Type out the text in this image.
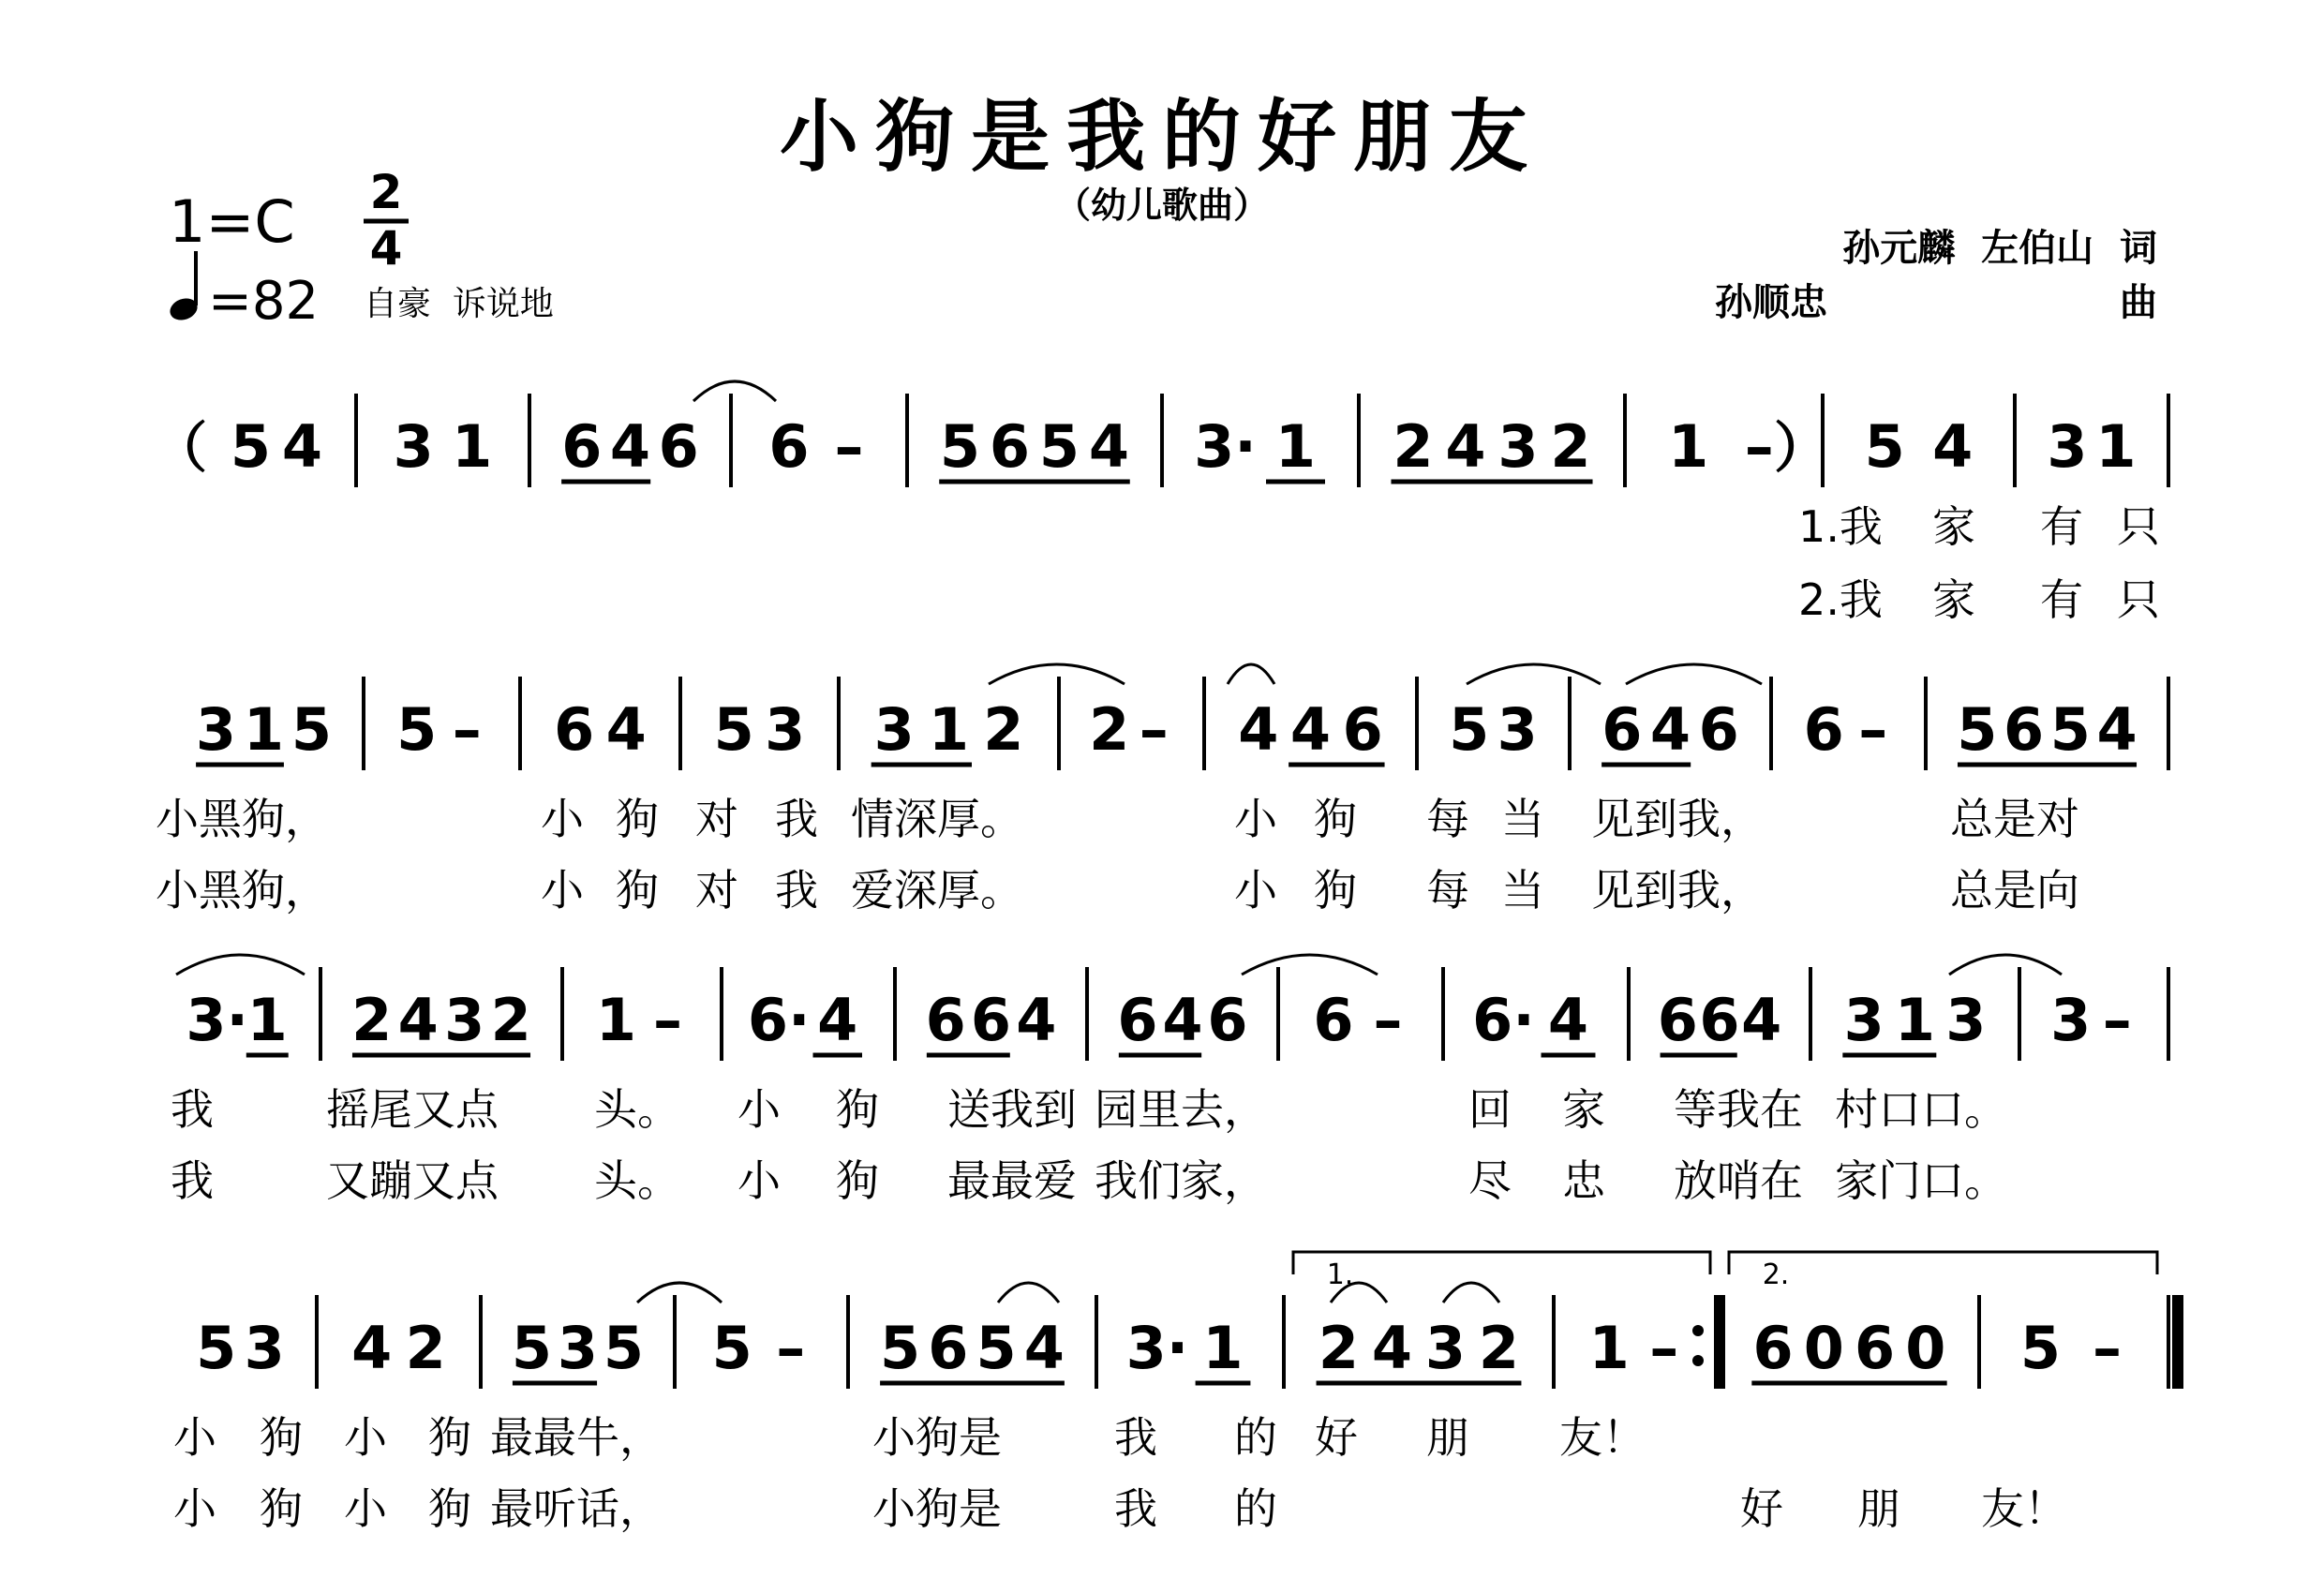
小狗是我的好朋友
（幼儿歌曲）
1=C 2
4
=82 自豪  诉说地
孙元麟  左伯山  词
孙顺忠	曲
5 4 3 1 6 4 6 6 – 5 6 5 4 3· 1 2 4 3 2 1 – 5 4 3 1
1.我 家 有 只
2.我 家 有 只
3 1 5 5 – 6 4 5 3 3 1 2 2 – 4 4 6 5 3 6 4 6 6 – 5 6 5 4
小黑狗，	小 狗 对 我 情深厚。	小 狗 每 当 见到我，	总是对
小黑狗，	小 狗 对 我 爱深厚。	小 狗 每 当 见到我，	总是向
3·
1 2 4 3 2 1 – 6· 4 6 6 4 6 4 6 6 – 6· 4 6 6 4 3 1 3 3 –
我	摇尾又点 头。 小 狗 送我到 园里去，	回 家 等我在 村口口。
我	又蹦又点 头。 小 狗 最最爱 我们家，	尽 忠 放哨在 家门口。
5 3 4 2 5 3 5 5 – 5 6 5 4 3· 1 2 4 3 2 1 – 6 0 6 0 5 –
小 狗 小 狗 最最牛，	小狗是	我 的 好 朋 友！
小 狗 小 狗 最听话，	小狗是	我 的	好 朋 友！
（	）
1.	2.
